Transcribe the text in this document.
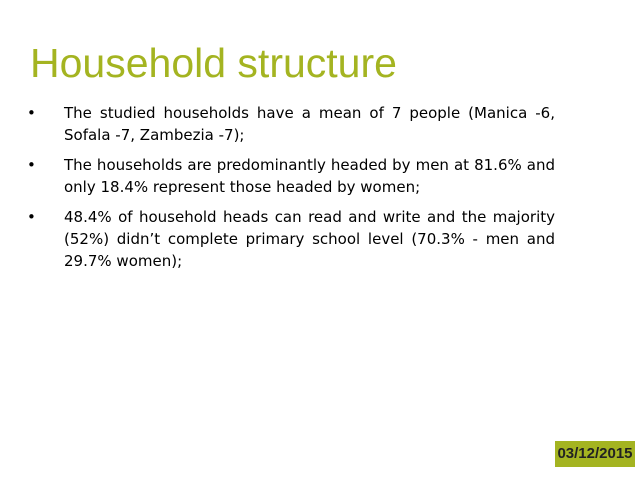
Household structure
• The studied households have a mean of 7 people (Manica -6, Sofala -7, Zambezia -7);
• The households are predominantly headed by men at 81.6% and only 18.4% represent those headed by women;
• 48.4% of household heads can read and write and the majority (52%) didn’t complete primary school level (70.3% - men and 29.7% women);
03/12/2015
